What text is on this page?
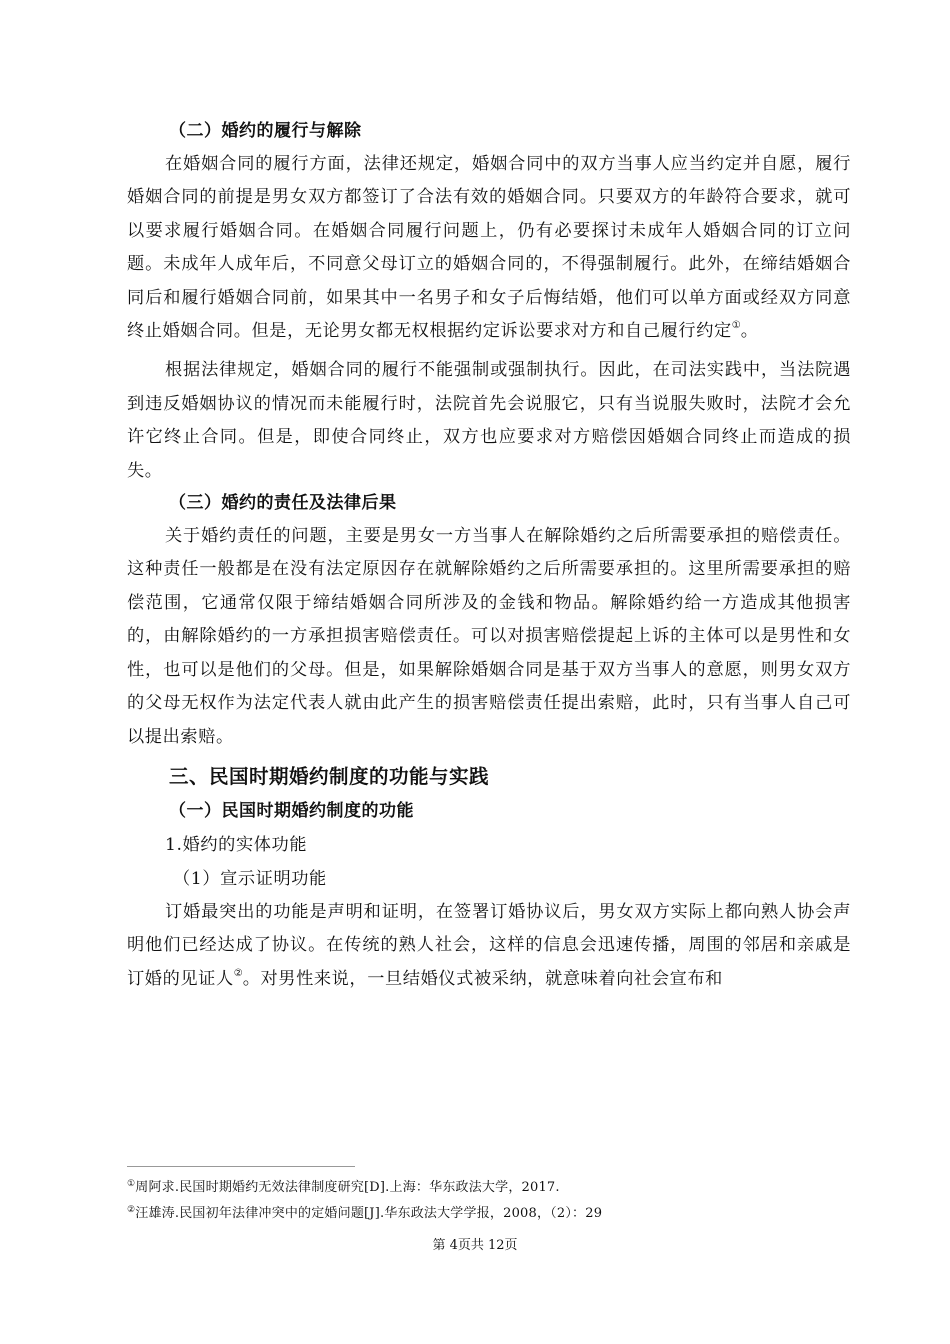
（二）婚约的履行与解除

在婚姻合同的履行方面，法律还规定，婚姻合同中的双方当事人应当约定并自愿，履行婚姻合同的前提是男女双方都签订了合法有效的婚姻合同。只要双方的年龄符合要求，就可以要求履行婚姻合同。在婚姻合同履行问题上，仍有必要探讨未成年人婚姻合同的订立问题。未成年人成年后，不同意父母订立的婚姻合同的，不得强制履行。此外，在缔结婚姻合同后和履行婚姻合同前，如果其中一名男子和女子后悔结婚，他们可以单方面或经双方同意终止婚姻合同。但是，无论男女都无权根据约定诉讼要求对方和自己履行约定①。

根据法律规定，婚姻合同的履行不能强制或强制执行。因此，在司法实践中，当法院遇到违反婚姻协议的情况而未能履行时，法院首先会说服它，只有当说服失败时，法院才会允许它终止合同。但是，即使合同终止，双方也应要求对方赔偿因婚姻合同终止而造成的损失。

（三）婚约的责任及法律后果

关于婚约责任的问题，主要是男女一方当事人在解除婚约之后所需要承担的赔偿责任。这种责任一般都是在没有法定原因存在就解除婚约之后所需要承担的。这里所需要承担的赔偿范围，它通常仅限于缔结婚姻合同所涉及的金钱和物品。解除婚约给一方造成其他损害的，由解除婚约的一方承担损害赔偿责任。可以对损害赔偿提起上诉的主体可以是男性和女性，也可以是他们的父母。但是，如果解除婚姻合同是基于双方当事人的意愿，则男女双方的父母无权作为法定代表人就由此产生的损害赔偿责任提出索赔，此时，只有当事人自己可以提出索赔。

三、民国时期婚约制度的功能与实践
（一）民国时期婚约制度的功能
1.婚约的实体功能
（1）宣示证明功能

订婚最突出的功能是声明和证明，在签署订婚协议后，男女双方实际上都向熟人协会声明他们已经达成了协议。在传统的熟人社会，这样的信息会迅速传播，周围的邻居和亲戚是订婚的见证人②。对男性来说，一旦结婚仪式被采纳，就意味着向社会宣布和

①周阿求.民国时期婚约无效法律制度研究[D].上海：华东政法大学，2017.

②汪雄涛.民国初年法律冲突中的定婚问题[J].华东政法大学学报，2008，（2）：29

第 4页共 12页
